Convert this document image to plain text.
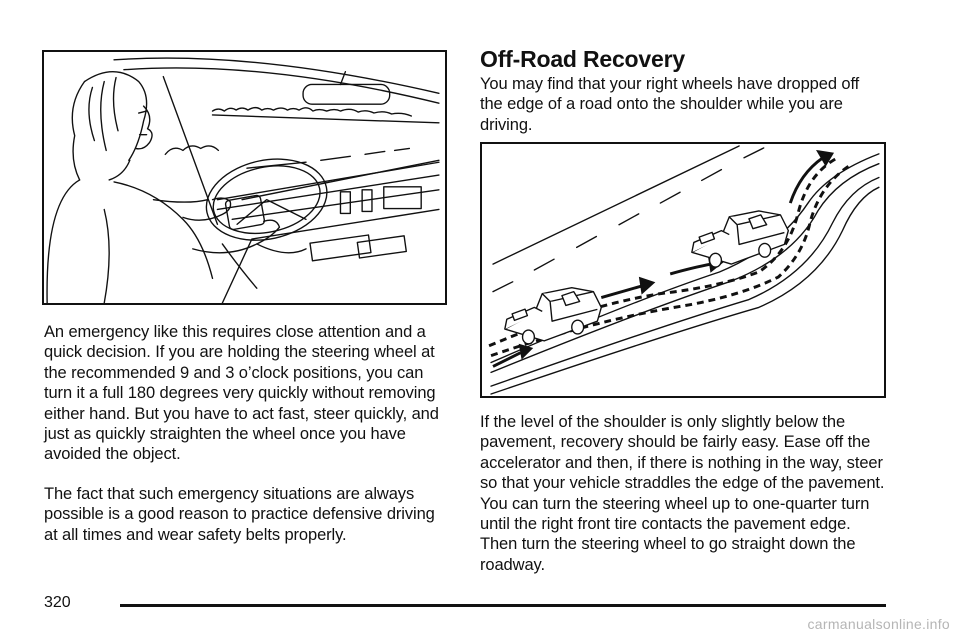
An emergency like this requires close attention and a quick decision. If you are holding the steering wheel at the recommended 9 and 3 o’clock positions, you can turn it a full 180 degrees very quickly without removing either hand. But you have to act fast, steer quickly, and just as quickly straighten the wheel once you have avoided the object.

The fact that such emergency situations are always possible is a good reason to practice defensive driving at all times and wear safety belts properly.

Off-Road Recovery

You may find that your right wheels have dropped off the edge of a road onto the shoulder while you are driving.

If the level of the shoulder is only slightly below the pavement, recovery should be fairly easy. Ease off the accelerator and then, if there is nothing in the way, steer so that your vehicle straddles the edge of the pavement. You can turn the steering wheel up to one-quarter turn until the right front tire contacts the pavement edge. Then turn the steering wheel to go straight down the roadway.

320
carmanualsonline.info
